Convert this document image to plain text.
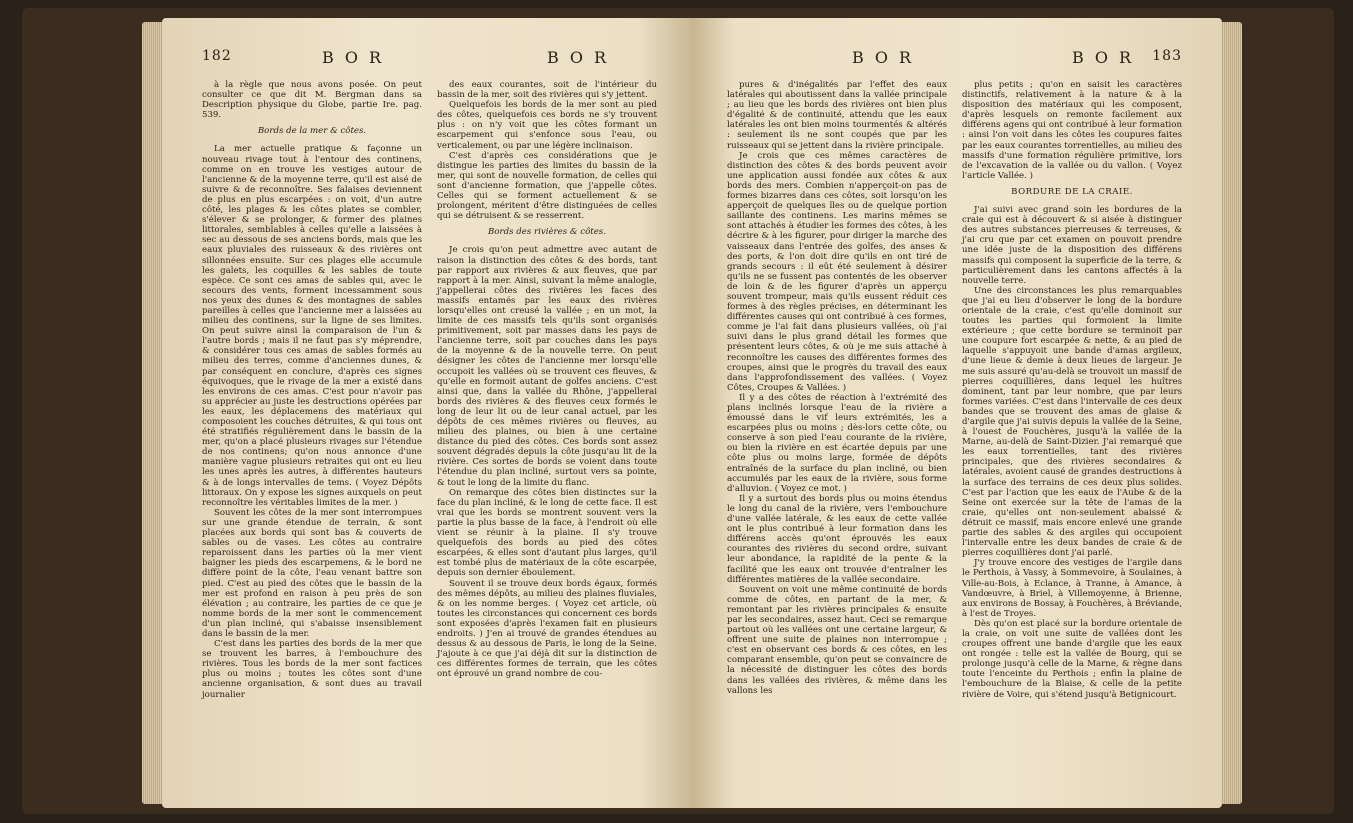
182	B O R	B O R

à la règle que nous avons posée. On peut consulter ce que dit M. Bergman dans sa Description physique du Globe, partie Ire. pag. 539.

Bords de la mer & côtes.

La mer actuelle pratique & façonne un nouveau rivage tout à l'entour des continens, comme on en trouve les vestiges autour de l'ancienne & de la moyenne terre, qu'il est aisé de suivre & de reconnoître. Ses falaises deviennent de plus en plus escarpées : on voit, d'un autre côté, les plages & les côtes plates se combler, s'élever & se prolonger, & former des plaines littorales, semblables à celles qu'elle a laissées à sec au dessous de ses anciens bords, mais que les eaux pluviales des ruisseaux & des rivières ont sillonnées ensuite. Sur ces plages elle accumule les galets, les coquilles & les sables de toute espèce. Ce sont ces amas de sables qui, avec le secours des vents, forment incessamment sous nos yeux des dunes & des montagnes de sables pareilles à celles que l'ancienne mer a laissées au milieu des continens, sur la ligne de ses limites. On peut suivre ainsi la comparaison de l'un & l'autre bords ; mais il ne faut pas s'y méprendre, & considérer tous ces amas de sables formés au milieu des terres, comme d'anciennes dunes, & par conséquent en conclure, d'après ces signes équivoques, que le rivage de la mer a existé dans les environs de ces amas. C'est pour n'avoir pas su apprécier au juste les destructions opérées par les eaux, les déplacemens des matériaux qui composoient les couches détruites, & qui tous ont été stratifiés régulièrement dans le bassin de la mer, qu'on a placé plusieurs rivages sur l'étendue de nos continens; qu'on nous annonce d'une manière vague plusieurs retraites qui ont eu lieu les unes après les autres, à différentes hauteurs & à de longs intervalles de tems. ( Voyez Dépôts littoraux. On y expose les signes auxquels on peut reconnoître les véritables limites de la mer. )

Souvent les côtes de la mer sont interrompues sur une grande étendue de terrain, & sont placées aux bords qui sont bas & couverts de sables ou de vases. Les côtes au contraire reparoissent dans les parties où la mer vient baigner les pieds des escarpemens, & le bord ne diffère point de la côte, l'eau venant battre son pied. C'est au pied des côtes que le bassin de la mer est profond en raison à peu près de son élévation ; au contraire, les parties de ce que je nomme bords de la mer sont le commencement d'un plan incliné, qui s'abaisse insensiblement dans le bassin de la mer.

C'est dans les parties des bords de la mer que se trouvent les barres, à l'embouchure des rivières. Tous les bords de la mer sont factices plus ou moins ; toutes les côtes sont d'une ancienne organisation, & sont dues au travail journalier

des eaux courantes, soit de l'intérieur du bassin de la mer, soit des rivières qui s'y jettent.

Quelquefois les bords de la mer sont au pied des côtes, quelquefois ces bords ne s'y trouvent plus : on n'y voit que les côtes formant un escarpement qui s'enfonce sous l'eau, ou verticalement, ou par une légère inclinaison.

C'est d'après ces considérations que je distingue les parties des limites du bassin de la mer, qui sont de nouvelle formation, de celles qui sont d'ancienne formation, que j'appelle côtes. Celles qui se forment actuellement & se prolongent, méritent d'être distinguées de celles qui se détruisent & se resserrent.

Bords des rivières & côtes.

Je crois qu'on peut admettre avec autant de raison la distinction des côtes & des bords, tant par rapport aux rivières & aux fleuves, que par rapport à la mer. Ainsi, suivant la même analogie, j'appellerai côtes des rivières les faces des massifs entamés par les eaux des rivières lorsqu'elles ont creusé la vallée ; en un mot, la limite de ces massifs tels qu'ils sont organisés primitivement, soit par masses dans les pays de l'ancienne terre, soit par couches dans les pays de la moyenne & de la nouvelle terre. On peut désigner les côtes de l'ancienne mer lorsqu'elle occupoit les vallées où se trouvent ces fleuves, & qu'elle en formoit autant de golfes anciens. C'est ainsi que, dans la vallée du Rhône, j'appellerai bords des rivières & des fleuves ceux formés le long de leur lit ou de leur canal actuel, par les dépôts de ces mêmes rivières ou fleuves, au milieu des plaines, ou bien à une certaine distance du pied des côtes. Ces bords sont assez souvent dégradés depuis la côte jusqu'au lit de la rivière. Ces sortes de bords se voient dans toute l'étendue du plan incliné, surtout vers sa pointe, & tout le long de la limite du flanc.

On remarque des côtes bien distinctes sur la face du plan incliné, & le long de cette face. Il est vrai que les bords se montrent souvent vers la partie la plus basse de la face, à l'endroit où elle vient se réunir à la plaine. Il s'y trouve quelquefois des bords au pied des côtes escarpées, & elles sont d'autant plus larges, qu'il est tombé plus de matériaux de la côte escarpée, depuis son dernier éboulement.

Souvent il se trouve deux bords égaux, formés des mêmes dépôts, au milieu des plaines fluviales, & on les nomme berges. ( Voyez cet article, où toutes les circonstances qui concernent ces bords sont exposées d'après l'examen fait en plusieurs endroits. ) J'en ai trouvé de grandes étendues au dessus & au dessous de Paris, le long de la Seine. J'ajoute à ce que j'ai déjà dit sur la distinction de ces différentes formes de terrain, que les côtes ont éprouvé un grand nombre de cou-

B O R	B O R 183

pures & d'inégalités par l'effet des eaux latérales qui aboutissent dans la vallée principale ; au lieu que les bords des rivières ont bien plus d'égalité & de continuité, attendu que les eaux latérales les ont bien moins tourmentés & altérés : seulement ils ne sont coupés que par les ruisseaux qui se jettent dans la rivière principale.

Je crois que ces mêmes caractères de distinction des côtes & des bords peuvent avoir une application aussi fondée aux côtes & aux bords des mers. Combien n'apperçoit-on pas de formes bizarres dans ces côtes, soit lorsqu'on les apperçoit de quelques îles ou de quelque portion saillante des continens. Les marins mêmes se sont attachés à étudier les formes des côtes, à les décrire & à les figurer, pour diriger la marche des vaisseaux dans l'entrée des golfes, des anses & des ports, & l'on doit dire qu'ils en ont tiré de grands secours : il eût été seulement à désirer qu'ils ne se fussent pas contentés de les observer de loin & de les figurer d'après un apperçu souvent trompeur, mais qu'ils eussent réduit ces formes à des règles précises, en déterminant les différentes causes qui ont contribué à ces formes, comme je l'ai fait dans plusieurs vallées, où j'ai suivi dans le plus grand détail les formes que présentent leurs côtes, & où je me suis attaché à reconnoître les causes des différentes formes des croupes, ainsi que le progrès du travail des eaux dans l'approfondissement des vallées. ( Voyez Côtes, Croupes & Vallées. )

Il y a des côtes de réaction à l'extrémité des plans inclinés lorsque l'eau de la rivière a émoussé dans le vif leurs extrémités, les a escarpées plus ou moins ; dès-lors cette côte, ou conserve à son pied l'eau courante de la rivière, ou bien la rivière en est écartée depuis par une côte plus ou moins large, formée de dépôts entraînés de la surface du plan incliné, ou bien accumulés par les eaux de la rivière, sous forme d'alluvion. ( Voyez ce mot. )

Il y a surtout des bords plus ou moins étendus le long du canal de la rivière, vers l'embouchure d'une vallée latérale, & les eaux de cette vallée ont le plus contribué à leur formation dans les différens accès qu'ont éprouvés les eaux courantes des rivières du second ordre, suivant leur abondance, la rapidité de la pente & la facilité que les eaux ont trouvée d'entraîner les différentes matières de la vallée secondaire.

Souvent on voit une même continuité de bords comme de côtes, en partant de la mer, & remontant par les rivières principales & ensuite par les secondaires, assez haut. Ceci se remarque partout où les vallées ont une certaine largeur, & offrent une suite de plaines non interrompue ; c'est en observant ces bords & ces côtes, en les comparant ensemble, qu'on peut se convaincre de la nécessité de distinguer les côtes des bords dans les vallées des rivières, & même dans les vallons les

plus petits ; qu'on en saisit les caractères distinctifs, relativement à la nature & à la disposition des matériaux qui les composent, d'après lesquels on remonte facilement aux différens agens qui ont contribué à leur formation : ainsi l'on voit dans les côtes les coupures faites par les eaux courantes torrentielles, au milieu des massifs d'une formation régulière primitive, lors de l'excavation de la vallée ou du vallon. ( Voyez l'article Vallée. )

BORDURE DE LA CRAIE.

J'ai suivi avec grand soin les bordures de la craie qui est à découvert & si aisée à distinguer des autres substances pierreuses & terreuses, & j'ai cru que par cet examen on pouvoit prendre une idée juste de la disposition des différens massifs qui composent la superficie de la terre, & particulièrement dans les cantons affectés à la nouvelle terre.

Une des circonstances les plus remarquables que j'ai eu lieu d'observer le long de la bordure orientale de la craie, c'est qu'elle dominoit sur toutes les parties qui formoient la limite extérieure ; que cette bordure se terminoit par une coupure fort escarpée & nette, & au pied de laquelle s'appuyoit une bande d'amas argileux, d'une lieue & demie à deux lieues de largeur. Je me suis assuré qu'au-delà se trouvoit un massif de pierres coquillières, dans lequel les huîtres dominent, tant par leur nombre, que par leurs formes variées. C'est dans l'intervalle de ces deux bandes que se trouvent des amas de glaise & d'argile que j'ai suivis depuis la vallée de la Seine, à l'ouest de Fouchères, jusqu'à la vallée de la Marne, au-delà de Saint-Dizier. J'ai remarqué que les eaux torrentielles, tant des rivières principales, que des rivières secondaires & latérales, avoient causé de grandes destructions à la surface des terrains de ces deux plus solides. C'est par l'action que les eaux de l'Aube & de la Seine ont exercée sur la tête de l'amas de la craie, qu'elles ont non-seulement abaissé & détruit ce massif, mais encore enlevé une grande partie des sables & des argiles qui occupoient l'intervalle entre les deux bandes de craie & de pierres coquillières dont j'ai parlé.

J'y trouve encore des vestiges de l'argile dans le Perthois, à Vassy, à Sommevoire, à Soulaines, à Ville-au-Bois, à Eclance, à Tranne, à Amance, à Vandœuvre, à Briel, à Villemoyenne, à Brienne, aux environs de Bossay, à Fouchères, à Bréviande, à l'est de Troyes.

Dès qu'on est placé sur la bordure orientale de la craie, on voit une suite de vallées dont les croupes offrent une bande d'argile que les eaux ont rongée : telle est la vallée de Bourg, qui se prolonge jusqu'à celle de la Marne, & règne dans toute l'enceinte du Perthois ; enfin la plaine de l'embouchure de la Blaise, & celle de la petite rivière de Voire, qui s'étend jusqu'à Betignicourt.
